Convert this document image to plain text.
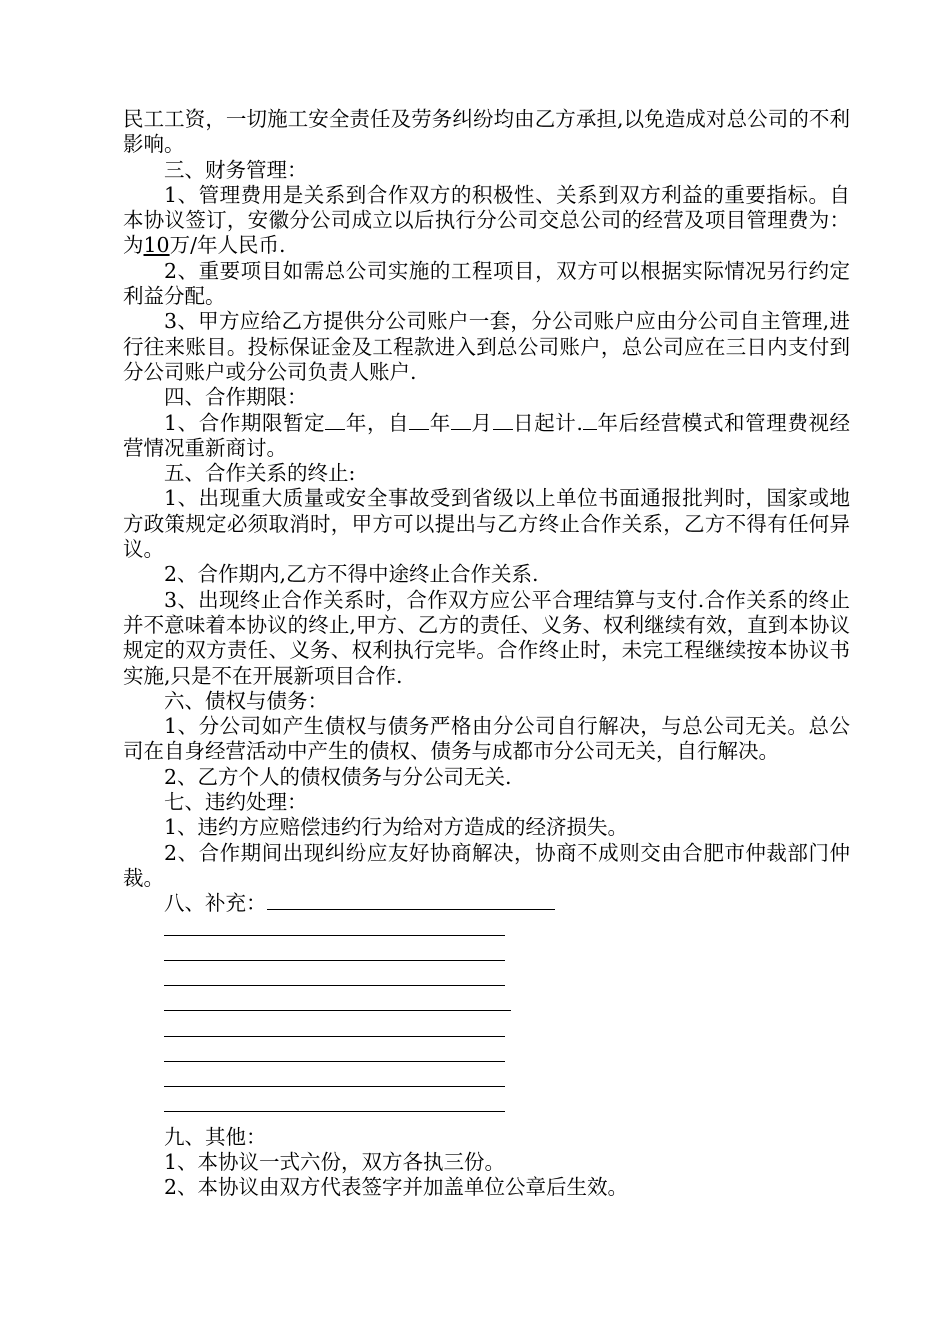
民工工资，一切施工安全责任及劳务纠纷均由乙方承担,以免造成对总公司的不利影响。

三、财务管理：

1、管理费用是关系到合作双方的积极性、关系到双方利益的重要指标。自本协议签订，安徽分公司成立以后执行分公司交总公司的经营及项目管理费为：为10万/年人民币.

2、重要项目如需总公司实施的工程项目，双方可以根据实际情况另行约定利益分配。

3、甲方应给乙方提供分公司账户一套，分公司账户应由分公司自主管理,进行往来账目。投标保证金及工程款进入到总公司账户，总公司应在三日内支付到分公司账户或分公司负责人账户.

四、合作期限：

1、合作期限暂定 年，自 年 月 日起计. 年后经营模式和管理费视经营情况重新商讨。

五、合作关系的终止:

1、出现重大质量或安全事故受到省级以上单位书面通报批判时，国家或地方政策规定必须取消时，甲方可以提出与乙方终止合作关系，乙方不得有任何异议。

2、合作期内,乙方不得中途终止合作关系.

3、出现终止合作关系时，合作双方应公平合理结算与支付.合作关系的终止并不意味着本协议的终止,甲方、乙方的责任、义务、权利继续有效，直到本协议规定的双方责任、义务、权利执行完毕。合作终止时，未完工程继续按本协议书实施,只是不在开展新项目合作.

六、债权与债务：

1、分公司如产生债权与债务严格由分公司自行解决，与总公司无关。总公司在自身经营活动中产生的债权、债务与成都市分公司无关，自行解决。

2、乙方个人的债权债务与分公司无关.

七、违约处理：

1、违约方应赔偿违约行为给对方造成的经济损失。

2、合作期间出现纠纷应友好协商解决，协商不成则交由合肥市仲裁部门仲裁。

八、补充：

九、其他：

1、本协议一式六份，双方各执三份。

2、本协议由双方代表签字并加盖单位公章后生效。
